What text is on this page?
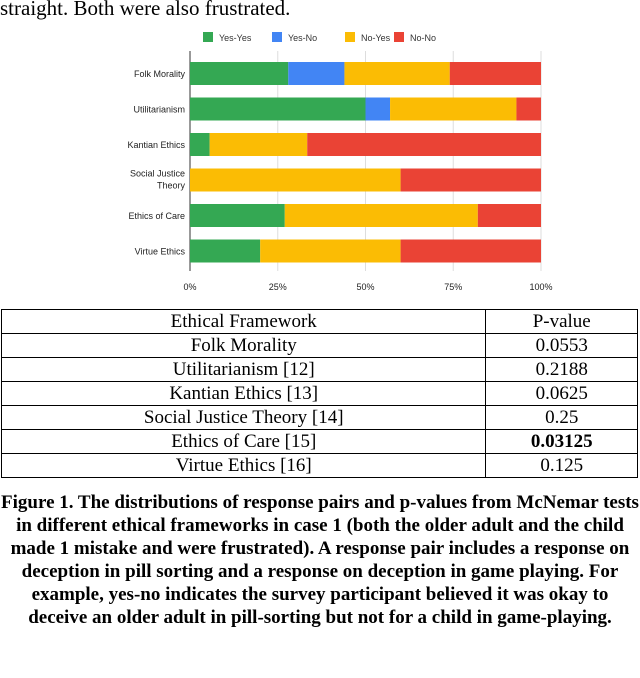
straight. Both were also frustrated.
0%	25%	50%	75%	100%
Yes-Yes	Yes-No	No-Yes No-No
Folk Morality
Utilitarianism
Kantian Ethics
Social Justice
Theory
Ethics of Care
Virtue Ethics
Ethical Framework	P-value
Folk Morality	0.0553
Utilitarianism [12]	0.2188
Kantian Ethics [13]	0.0625
Social Justice Theory [14]	0.25
Ethics of Care [15]	0.03125
Virtue Ethics [16]	0.125
Figure 1. The distributions of response pairs and p-values from McNemar tests in different ethical frameworks in case 1 (both the older adult and the child made 1 mistake and were frustrated). A response pair includes a response on deception in pill sorting and a response on deception in game playing. For example, yes-no indicates the survey participant believed it was okay to deceive an older adult in pill-sorting but not for a child in game-playing.
